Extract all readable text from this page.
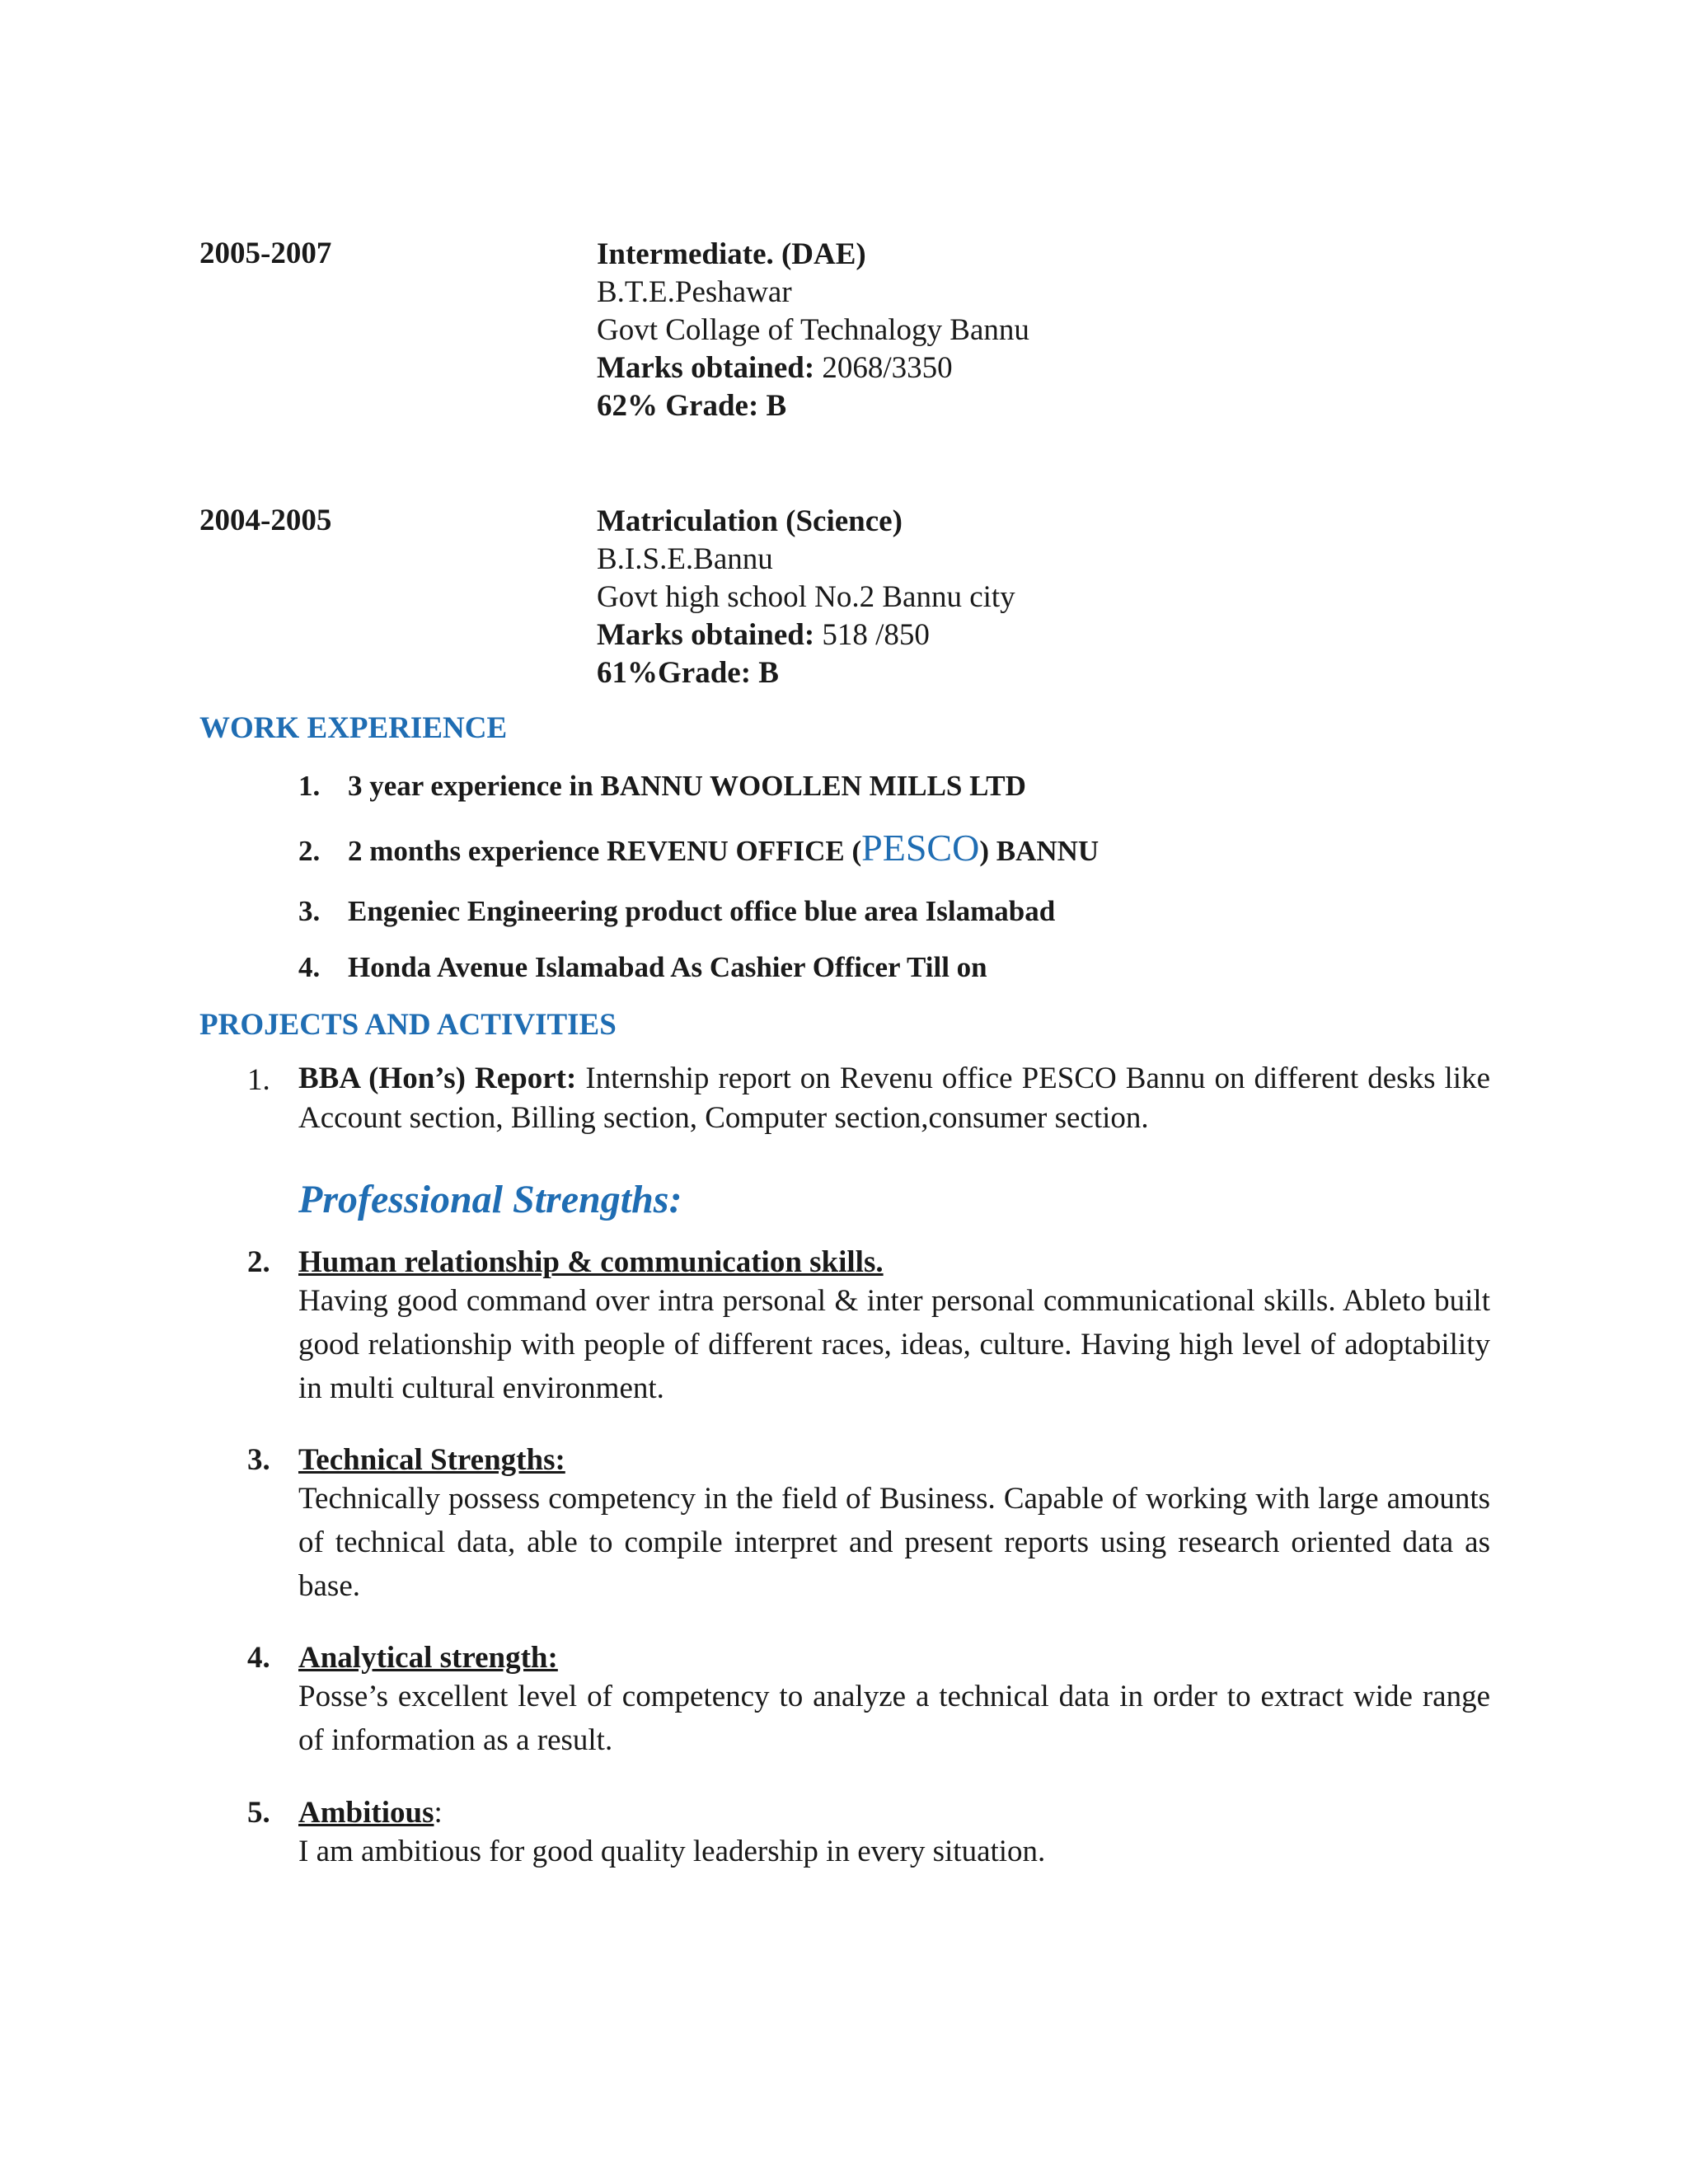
2005-2007	Intermediate. (DAE)
B.T.E.Peshawar
Govt Collage of Technalogy Bannu
Marks obtained: 2068/3350
62% Grade: B
2004-2005	Matriculation (Science)
B.I.S.E.Bannu
Govt high school No.2 Bannu city
Marks obtained: 518 /850
61%Grade: B
WORK EXPERIENCE
1. 3 year experience in BANNU WOOLLEN MILLS LTD
2. 2 months experience REVENU OFFICE (PESCO) BANNU
3. Engeniec Engineering product office blue area Islamabad
4. Honda Avenue Islamabad As Cashier Officer Till on
PROJECTS AND ACTIVITIES
1. BBA (Hon’s) Report: Internship report on Revenu office PESCO Bannu on different desks like Account section, Billing section, Computer section,consumer section.
Professional Strengths:
2. Human relationship & communication skills.
Having good command over intra personal & inter personal communicational skills. Ableto built good relationship with people of different races, ideas, culture. Having high level of adoptability in multi cultural environment.
3. Technical Strengths:
Technically possess competency in the field of Business. Capable of working with large amounts of technical data, able to compile interpret and present reports using research oriented data as base.
4. Analytical strength:
Posse’s excellent level of competency to analyze a technical data in order to extract wide range of information as a result.
5. Ambitious:
I am ambitious for good quality leadership in every situation.
